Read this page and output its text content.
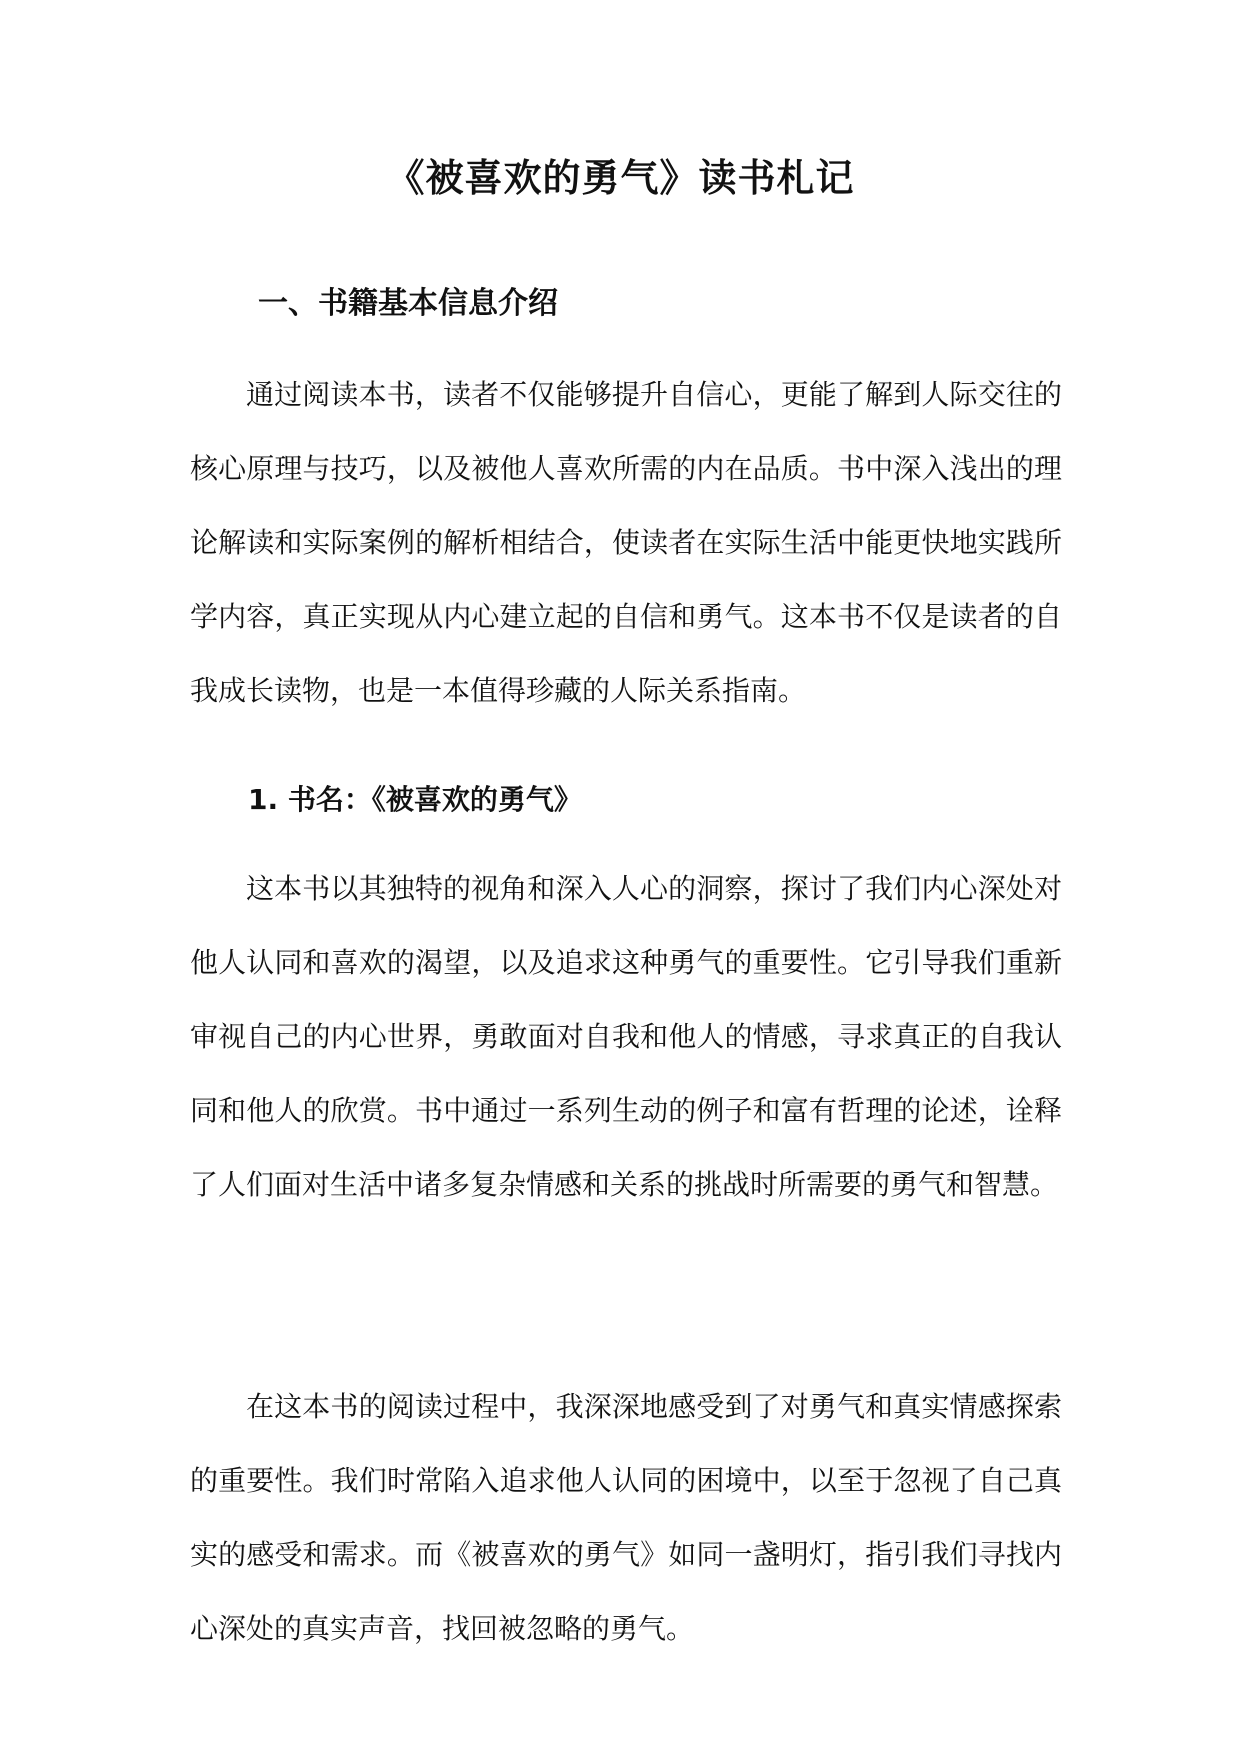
《被喜欢的勇气》读书札记
一、书籍基本信息介绍

通过阅读本书，读者不仅能够提升自信心，更能了解到人际交往的核心原理与技巧，以及被他人喜欢所需的内在品质。书中深入浅出的理论解读和实际案例的解析相结合，使读者在实际生活中能更快地实践所学内容，真正实现从内心建立起的自信和勇气。这本书不仅是读者的自我成长读物，也是一本值得珍藏的人际关系指南。

1. 书名：《被喜欢的勇气》

这本书以其独特的视角和深入人心的洞察，探讨了我们内心深处对他人认同和喜欢的渴望，以及追求这种勇气的重要性。它引导我们重新审视自己的内心世界，勇敢面对自我和他人的情感，寻求真正的自我认同和他人的欣赏。书中通过一系列生动的例子和富有哲理的论述，诠释了人们面对生活中诸多复杂情感和关系的挑战时所需要的勇气和智慧。

在这本书的阅读过程中，我深深地感受到了对勇气和真实情感探索的重要性。我们时常陷入追求他人认同的困境中，以至于忽视了自己真实的感受和需求。而《被喜欢的勇气》如同一盏明灯，指引我们寻找内心深处的真实声音，找回被忽略的勇气。
